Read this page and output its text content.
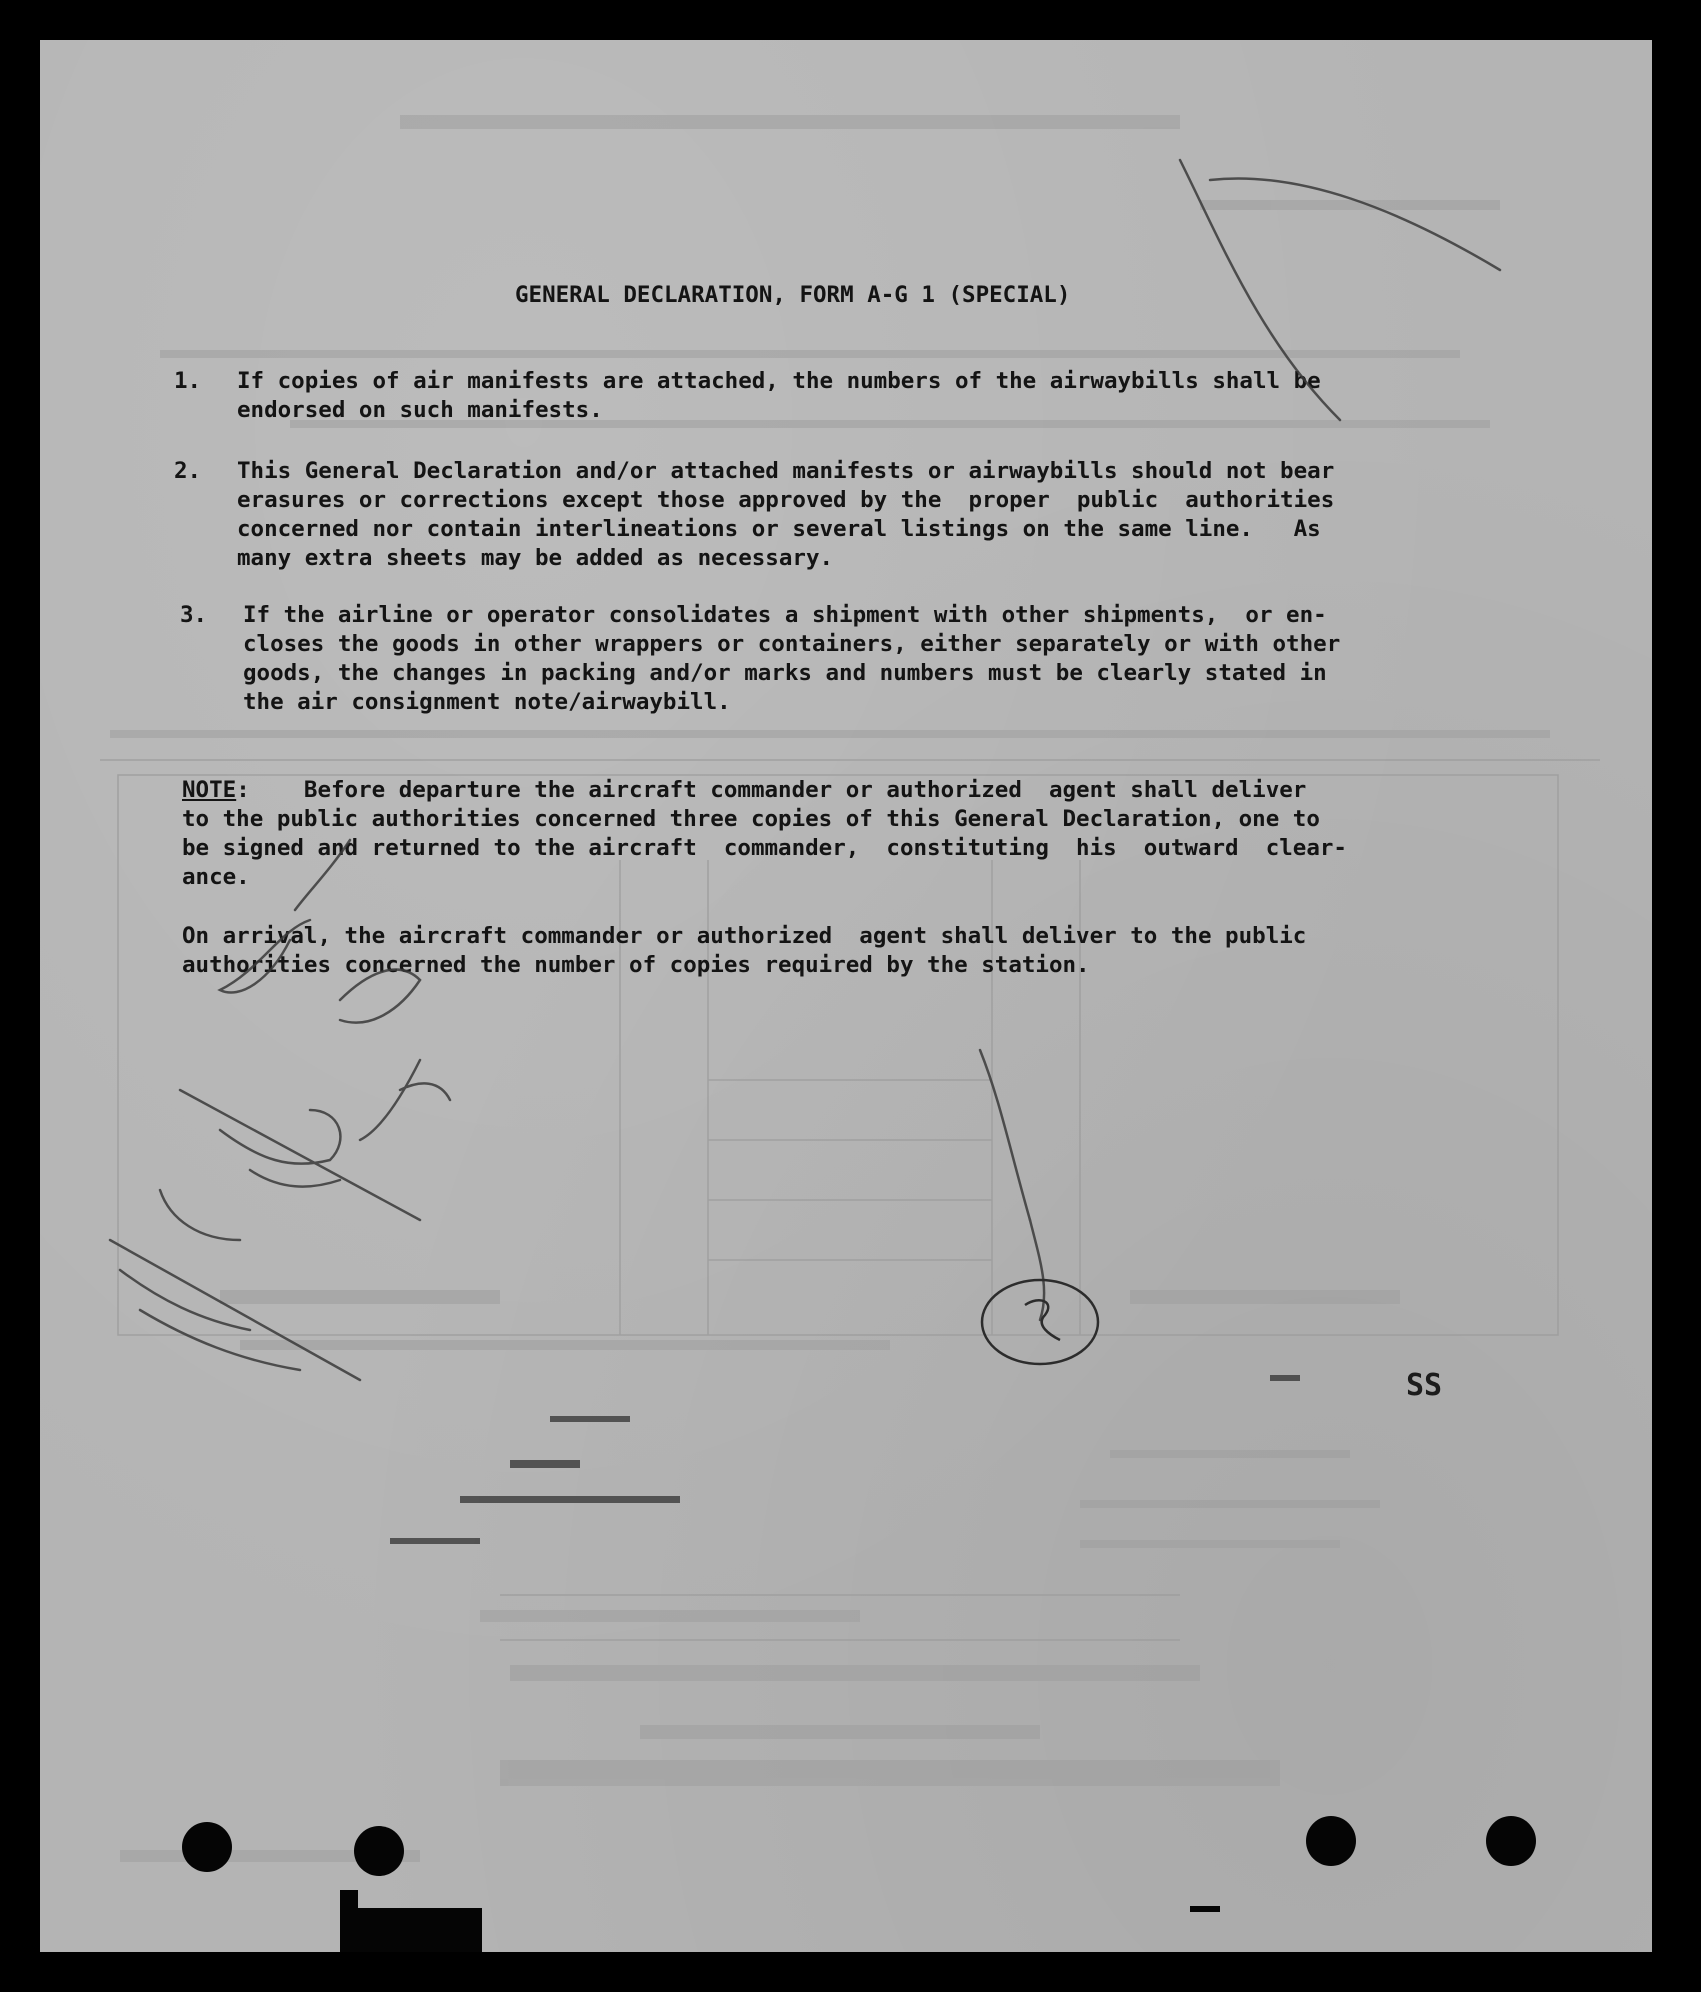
GENERAL DECLARATION, FORM A-G 1 (SPECIAL)
1. If copies of air manifests are attached, the numbers of the airwaybills shall be
endorsed on such manifests.
2. This General Declaration and/or attached manifests or airwaybills should not bear
erasures or corrections except those approved by the  proper  public  authorities
concerned nor contain interlineations or several listings on the same line.   As
many extra sheets may be added as necessary.
3. If the airline or operator consolidates a shipment with other shipments,  or en-
closes the goods in other wrappers or containers, either separately or with other
goods, the changes in packing and/or marks and numbers must be clearly stated in
the air consignment note/airwaybill.
NOTE:    Before departure the aircraft commander or authorized  agent shall deliver
to the public authorities concerned three copies of this General Declaration, one to
be signed and returned to the aircraft  commander,  constituting  his  outward  clear-
ance.
On arrival, the aircraft commander or authorized  agent shall deliver to the public
authorities concerned the number of copies required by the station.
SS
